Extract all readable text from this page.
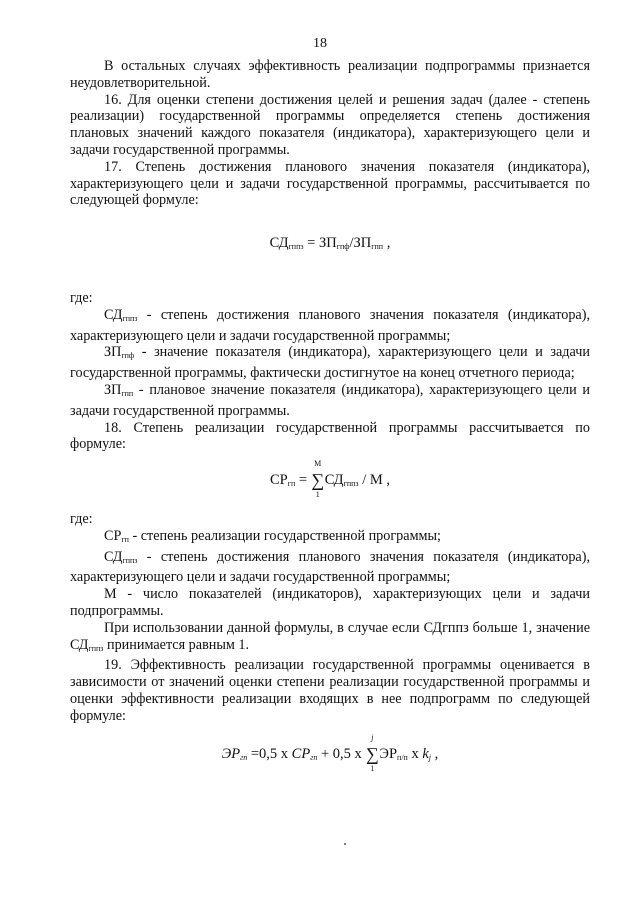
18

В остальных случаях эффективность реализации подпрограммы признается неудовлетворительной.

16. Для оценки степени достижения целей и решения задач (далее - степень реализации) государственной программы определяется степень достижения плановых значений каждого показателя (индикатора), характеризующего цели и задачи государственной программы.

17. Степень достижения планового значения показателя (индикатора), характеризующего цели и задачи государственной программы, рассчитывается по следующей формуле:

$СД_{гппз} = ЗП_{гпф}/ЗП_{гпп}$ ,

где:

$СД_{гппз}$ - степень достижения планового значения показателя (индикатора), характеризующего цели и задачи государственной программы;

$ЗП_{гпф}$ - значение показателя (индикатора), характеризующего цели и задачи государственной программы, фактически достигнутое на конец отчетного периода;

$ЗП_{гпп}$ - плановое значение показателя (индикатора), характеризующего цели и задачи государственной программы.

18. Степень реализации государственной программы рассчитывается по формуле:

$СР_{гп}$ =
М
∑
1
$СД_{гппз}$ / М ,

где:

$СР_{гп}$ - степень реализации государственной программы;

$СД_{гппз}$ - степень достижения планового значения показателя (индикатора), характеризующего цели и задачи государственной программы;

М - число показателей (индикаторов), характеризующих цели и задачи подпрограммы.

При использовании данной формулы, в случае если СДгппз больше 1, значение $СД_{гппз}$ принимается равным 1.

19. Эффективность реализации государственной программы оценивается в зависимости от значений оценки степени реализации государственной программы и оценки эффективности реализации входящих в нее подпрограмм по следующей формуле:

$ЭР_{гп} =0,5$ х $СР_{гп} + 0,5$ х
j
∑
1
$ЭР_{п/п}$ х $k_j$ ,
